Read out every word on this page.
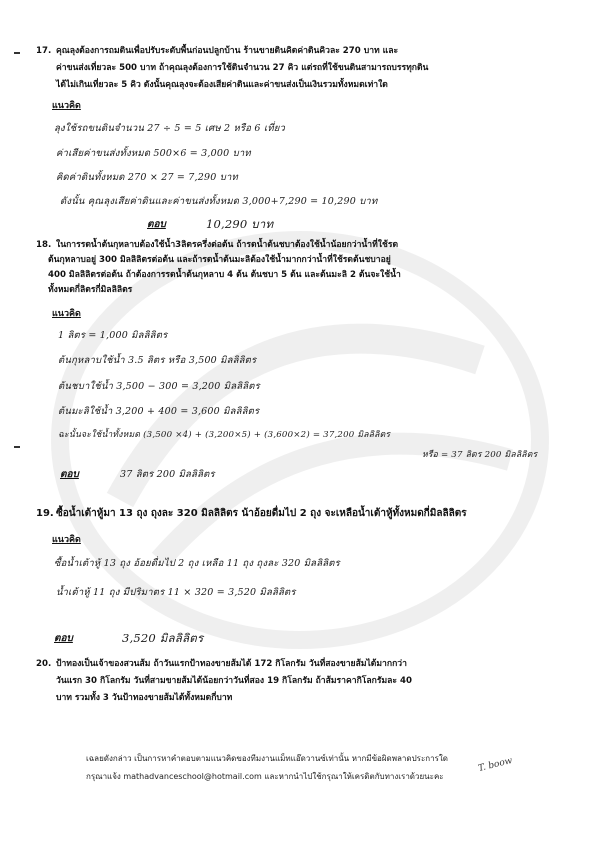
17. คุณลุงต้องการถมดินเพื่อปรับระดับพื้นก่อนปลูกบ้าน ร้านขายดินคิดค่าดินคิวละ 270 บาท และ
ค่าขนส่งเที่ยวละ 500 บาท ถ้าคุณลุงต้องการใช้ดินจำนวน 27 คิว แต่รถที่ใช้ขนดินสามารถบรรทุกดิน
ได้ไม่เกินเที่ยวละ 5 คิว ดังนั้นคุณลุงจะต้องเสียค่าดินและค่าขนส่งเป็นเงินรวมทั้งหมดเท่าใด
แนวคิด
ลุงใช้รถขนดินจำนวน 27 ÷ 5 = 5 เศษ 2 หรือ 6 เที่ยว
ค่าเสียค่าขนส่งทั้งหมด 500×6 = 3,000 บาท
คิดค่าดินทั้งหมด 270 × 27 = 7,290 บาท
ดังนั้น คุณลุงเสียค่าดินและค่าขนส่งทั้งหมด 3,000+7,290 = 10,290 บาท
ตอบ	10,290 บาท
18. ในการรดน้ำต้นกุหลาบต้องใช้น้ำ3ลิตรครึ่งต่อต้น ถ้ารดน้ำต้นชบาต้องใช้น้ำน้อยกว่าน้ำที่ใช้รด
ต้นกุหลาบอยู่ 300 มิลลิลิตรต่อต้น และถ้ารดน้ำต้นมะลิต้องใช้น้ำมากกว่าน้ำที่ใช้รดต้นชบาอยู่
400 มิลลิลิตรต่อต้น ถ้าต้องการรดน้ำต้นกุหลาบ 4 ต้น ต้นชบา 5 ต้น และต้นมะลิ 2 ต้นจะใช้น้ำ
ทั้งหมดกี่ลิตรกี่มิลลิลิตร
แนวคิด
1 ลิตร = 1,000 มิลลิลิตร
ต้นกุหลาบใช้น้ำ 3.5 ลิตร หรือ 3,500 มิลลิลิตร
ต้นชบาใช้น้ำ 3,500 − 300 = 3,200 มิลลิลิตร
ต้นมะลิใช้น้ำ 3,200 + 400 = 3,600 มิลลิลิตร
ฉะนั้นจะใช้น้ำทั้งหมด (3,500 ×4) + (3,200×5) + (3,600×2) = 37,200 มิลลิลิตร
หรือ = 37 ลิตร 200 มิลลิลิตร
ตอบ	37 ลิตร 200 มิลลิลิตร
19. ซื้อน้ำเต้าหู้มา 13 ถุง ถุงละ 320 มิลลิลิตร น้าอ้อยดื่มไป 2 ถุง จะเหลือน้ำเต้าหู้ทั้งหมดกี่มิลลิลิตร
แนวคิด
ซื้อน้ำเต้าหู้ 13 ถุง อ้อยดื่มไป 2 ถุง เหลือ 11 ถุง ถุงละ 320 มิลลิลิตร
น้ำเต้าหู้ 11 ถุง มีปริมาตร 11 × 320 = 3,520 มิลลิลิตร
ตอบ	3,520 มิลลิลิตร
20. ป้าทองเป็นเจ้าของสวนส้ม ถ้าวันแรกป้าทองขายส้มได้ 172 กิโลกรัม วันที่สองขายส้มได้มากกว่า
วันแรก 30 กิโลกรัม วันที่สามขายส้มได้น้อยกว่าวันที่สอง 19 กิโลกรัม ถ้าส้มราคากิโลกรัมละ 40
บาท รวมทั้ง 3 วันป้าทองขายส้มได้ทั้งหมดกี่บาท
เฉลยดังกล่าว เป็นการหาคำตอบตามแนวคิดของทีมงานแม็ทแอ๊ดวานซ์เท่านั้น หากมีข้อผิดพลาดประการใด
กรุณาแจ้ง mathadvanceschool@hotmail.com และหากนำไปใช้กรุณาให้เครดิตกับทางเราด้วยนะคะ
T. boow
